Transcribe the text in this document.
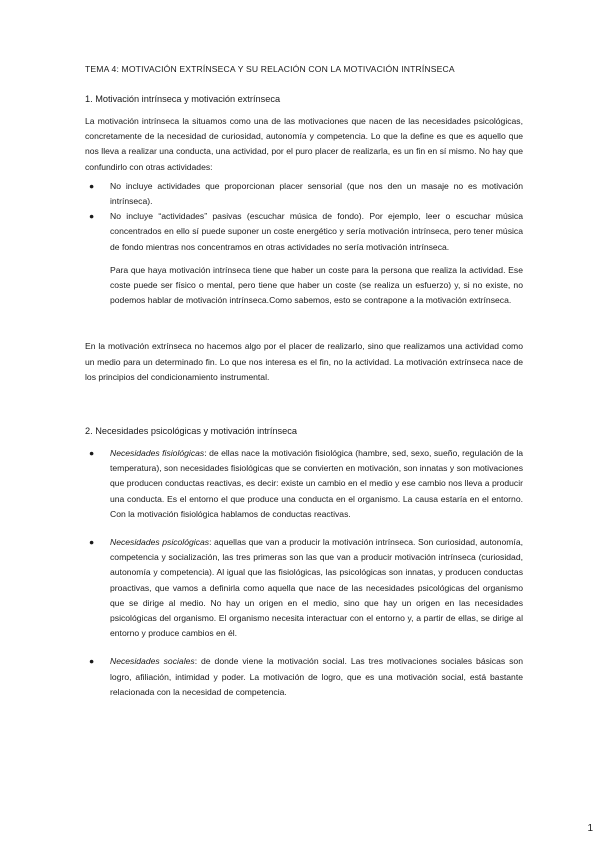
TEMA 4: MOTIVACIÓN EXTRÍNSECA Y SU RELACIÓN CON LA MOTIVACIÓN INTRÍNSECA

1. Motivación intrínseca y motivación extrínseca

La motivación intrínseca la situamos como una de las motivaciones que nacen de las necesidades psicológicas, concretamente de la necesidad de curiosidad, autonomía y competencia. Lo que la define es que es aquello que nos lleva a realizar una conducta, una actividad, por el puro placer de realizarla, es un fin en sí mismo. No hay que confundirlo con otras actividades:

● No incluye actividades que proporcionan placer sensorial (que nos den un masaje no es motivación intrínseca).

● No incluye “actividades” pasivas (escuchar música de fondo). Por ejemplo, leer o escuchar música concentrados en ello sí puede suponer un coste energético y sería motivación intrínseca, pero tener música de fondo mientras nos concentramos en otras actividades no sería motivación intrínseca.

Para que haya motivación intrínseca tiene que haber un coste para la persona que realiza la actividad. Ese coste puede ser físico o mental, pero tiene que haber un coste (se realiza un esfuerzo) y, si no existe, no podemos hablar de motivación intrínseca.Como sabemos, esto se contrapone a la motivación extrínseca.

En la motivación extrínseca no hacemos algo por el placer de realizarlo, sino que realizamos una actividad como un medio para un determinado fin. Lo que nos interesa es el fin, no la actividad. La motivación extrínseca nace de los principios del condicionamiento instrumental.

2. Necesidades psicológicas y motivación intrínseca

● Necesidades fisiológicas: de ellas nace la motivación fisiológica (hambre, sed, sexo, sueño, regulación de la temperatura), son necesidades fisiológicas que se convierten en motivación, son innatas y son motivaciones que producen conductas reactivas, es decir: existe un cambio en el medio y ese cambio nos lleva a producir una conducta. Es el entorno el que produce una conducta en el organismo. La causa estaría en el entorno. Con la motivación fisiológica hablamos de conductas reactivas.

● Necesidades psicológicas: aquellas que van a producir la motivación intrínseca. Son curiosidad, autonomía, competencia y socialización, las tres primeras son las que van a producir motivación intrínseca (curiosidad, autonomía y competencia). Al igual que las fisiológicas, las psicológicas son innatas, y producen conductas proactivas, que vamos a definirla como aquella que nace de las necesidades psicológicas del organismo que se dirige al medio. No hay un origen en el medio, sino que hay un origen en las necesidades psicológicas del organismo. El organismo necesita interactuar con el entorno y, a partir de ellas, se dirige al entorno y produce cambios en él.

● Necesidades sociales: de donde viene la motivación social. Las tres motivaciones sociales básicas son logro, afiliación, intimidad y poder. La motivación de logro, que es una motivación social, está bastante relacionada con la necesidad de competencia.

1
